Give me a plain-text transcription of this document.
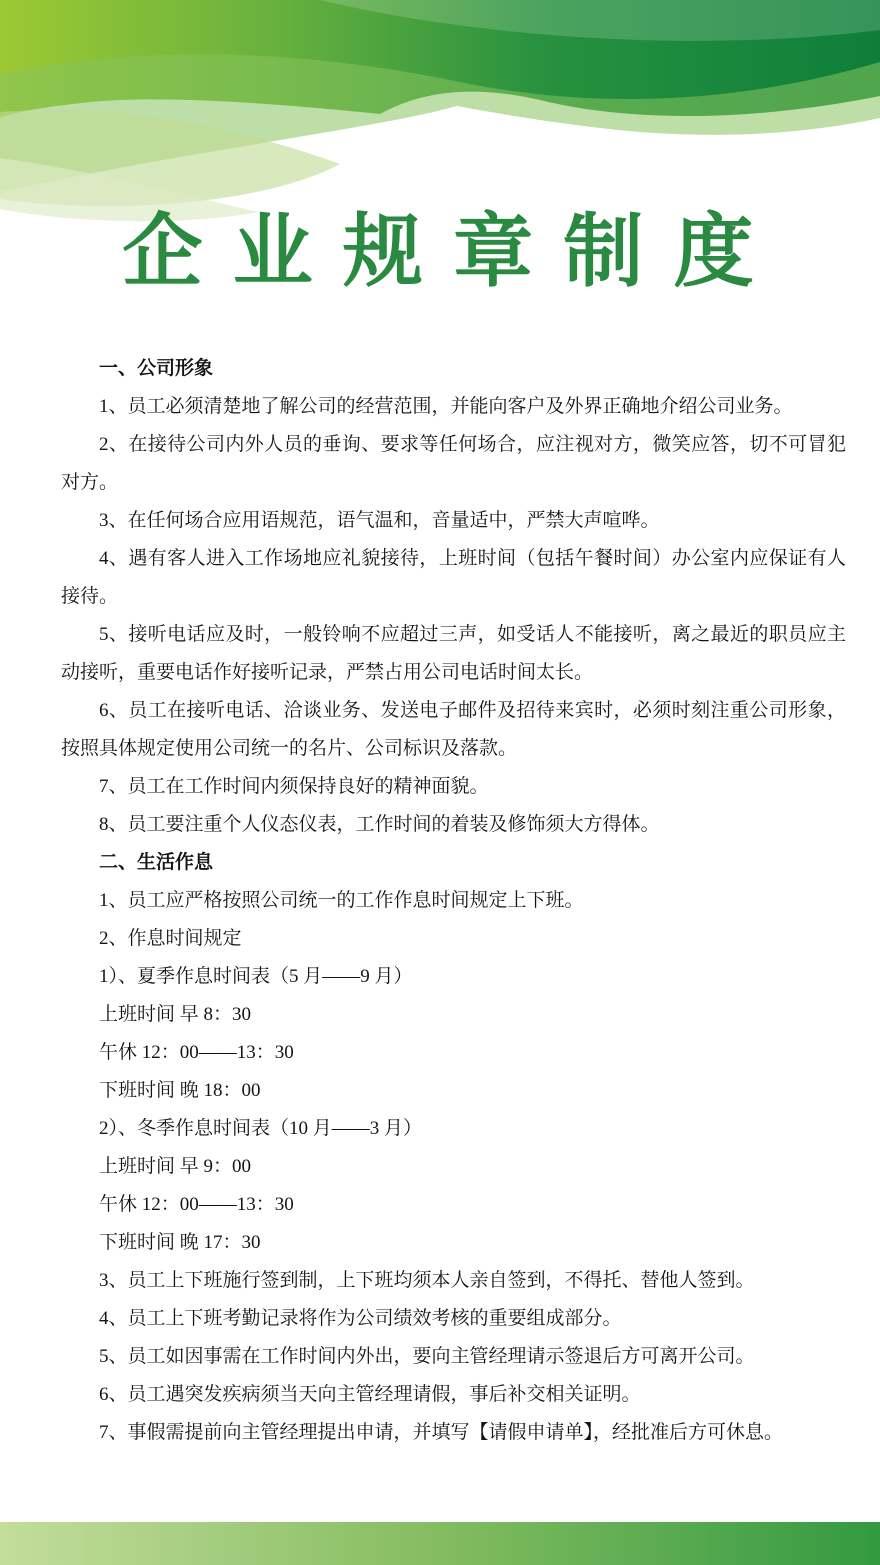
企 业 规 章 制 度

一、公司形象

1、员工必须清楚地了解公司的经营范围，并能向客户及外界正确地介绍公司业务。

2、在接待公司内外人员的垂询、要求等任何场合，应注视对方，微笑应答，切不可冒犯对方。

3、在任何场合应用语规范，语气温和，音量适中，严禁大声喧哗。

4、遇有客人进入工作场地应礼貌接待，上班时间（包括午餐时间）办公室内应保证有人接待。

5、接听电话应及时，一般铃响不应超过三声，如受话人不能接听，离之最近的职员应主动接听，重要电话作好接听记录，严禁占用公司电话时间太长。

6、员工在接听电话、洽谈业务、发送电子邮件及招待来宾时，必须时刻注重公司形象，按照具体规定使用公司统一的名片、公司标识及落款。

7、员工在工作时间内须保持良好的精神面貌。

8、员工要注重个人仪态仪表，工作时间的着装及修饰须大方得体。

二、生活作息

1、员工应严格按照公司统一的工作作息时间规定上下班。

2、作息时间规定

1）、夏季作息时间表（5 月——9 月）

上班时间 早 8：30

午休 12：00——13：30

下班时间 晚 18：00

2）、冬季作息时间表（10 月——3 月）

上班时间 早 9：00

午休 12：00——13：30

下班时间 晚 17：30

3、员工上下班施行签到制，上下班均须本人亲自签到，不得托、替他人签到。

4、员工上下班考勤记录将作为公司绩效考核的重要组成部分。

5、员工如因事需在工作时间内外出，要向主管经理请示签退后方可离开公司。

6、员工遇突发疾病须当天向主管经理请假，事后补交相关证明。

7、事假需提前向主管经理提出申请，并填写【请假申请单】，经批准后方可休息。
